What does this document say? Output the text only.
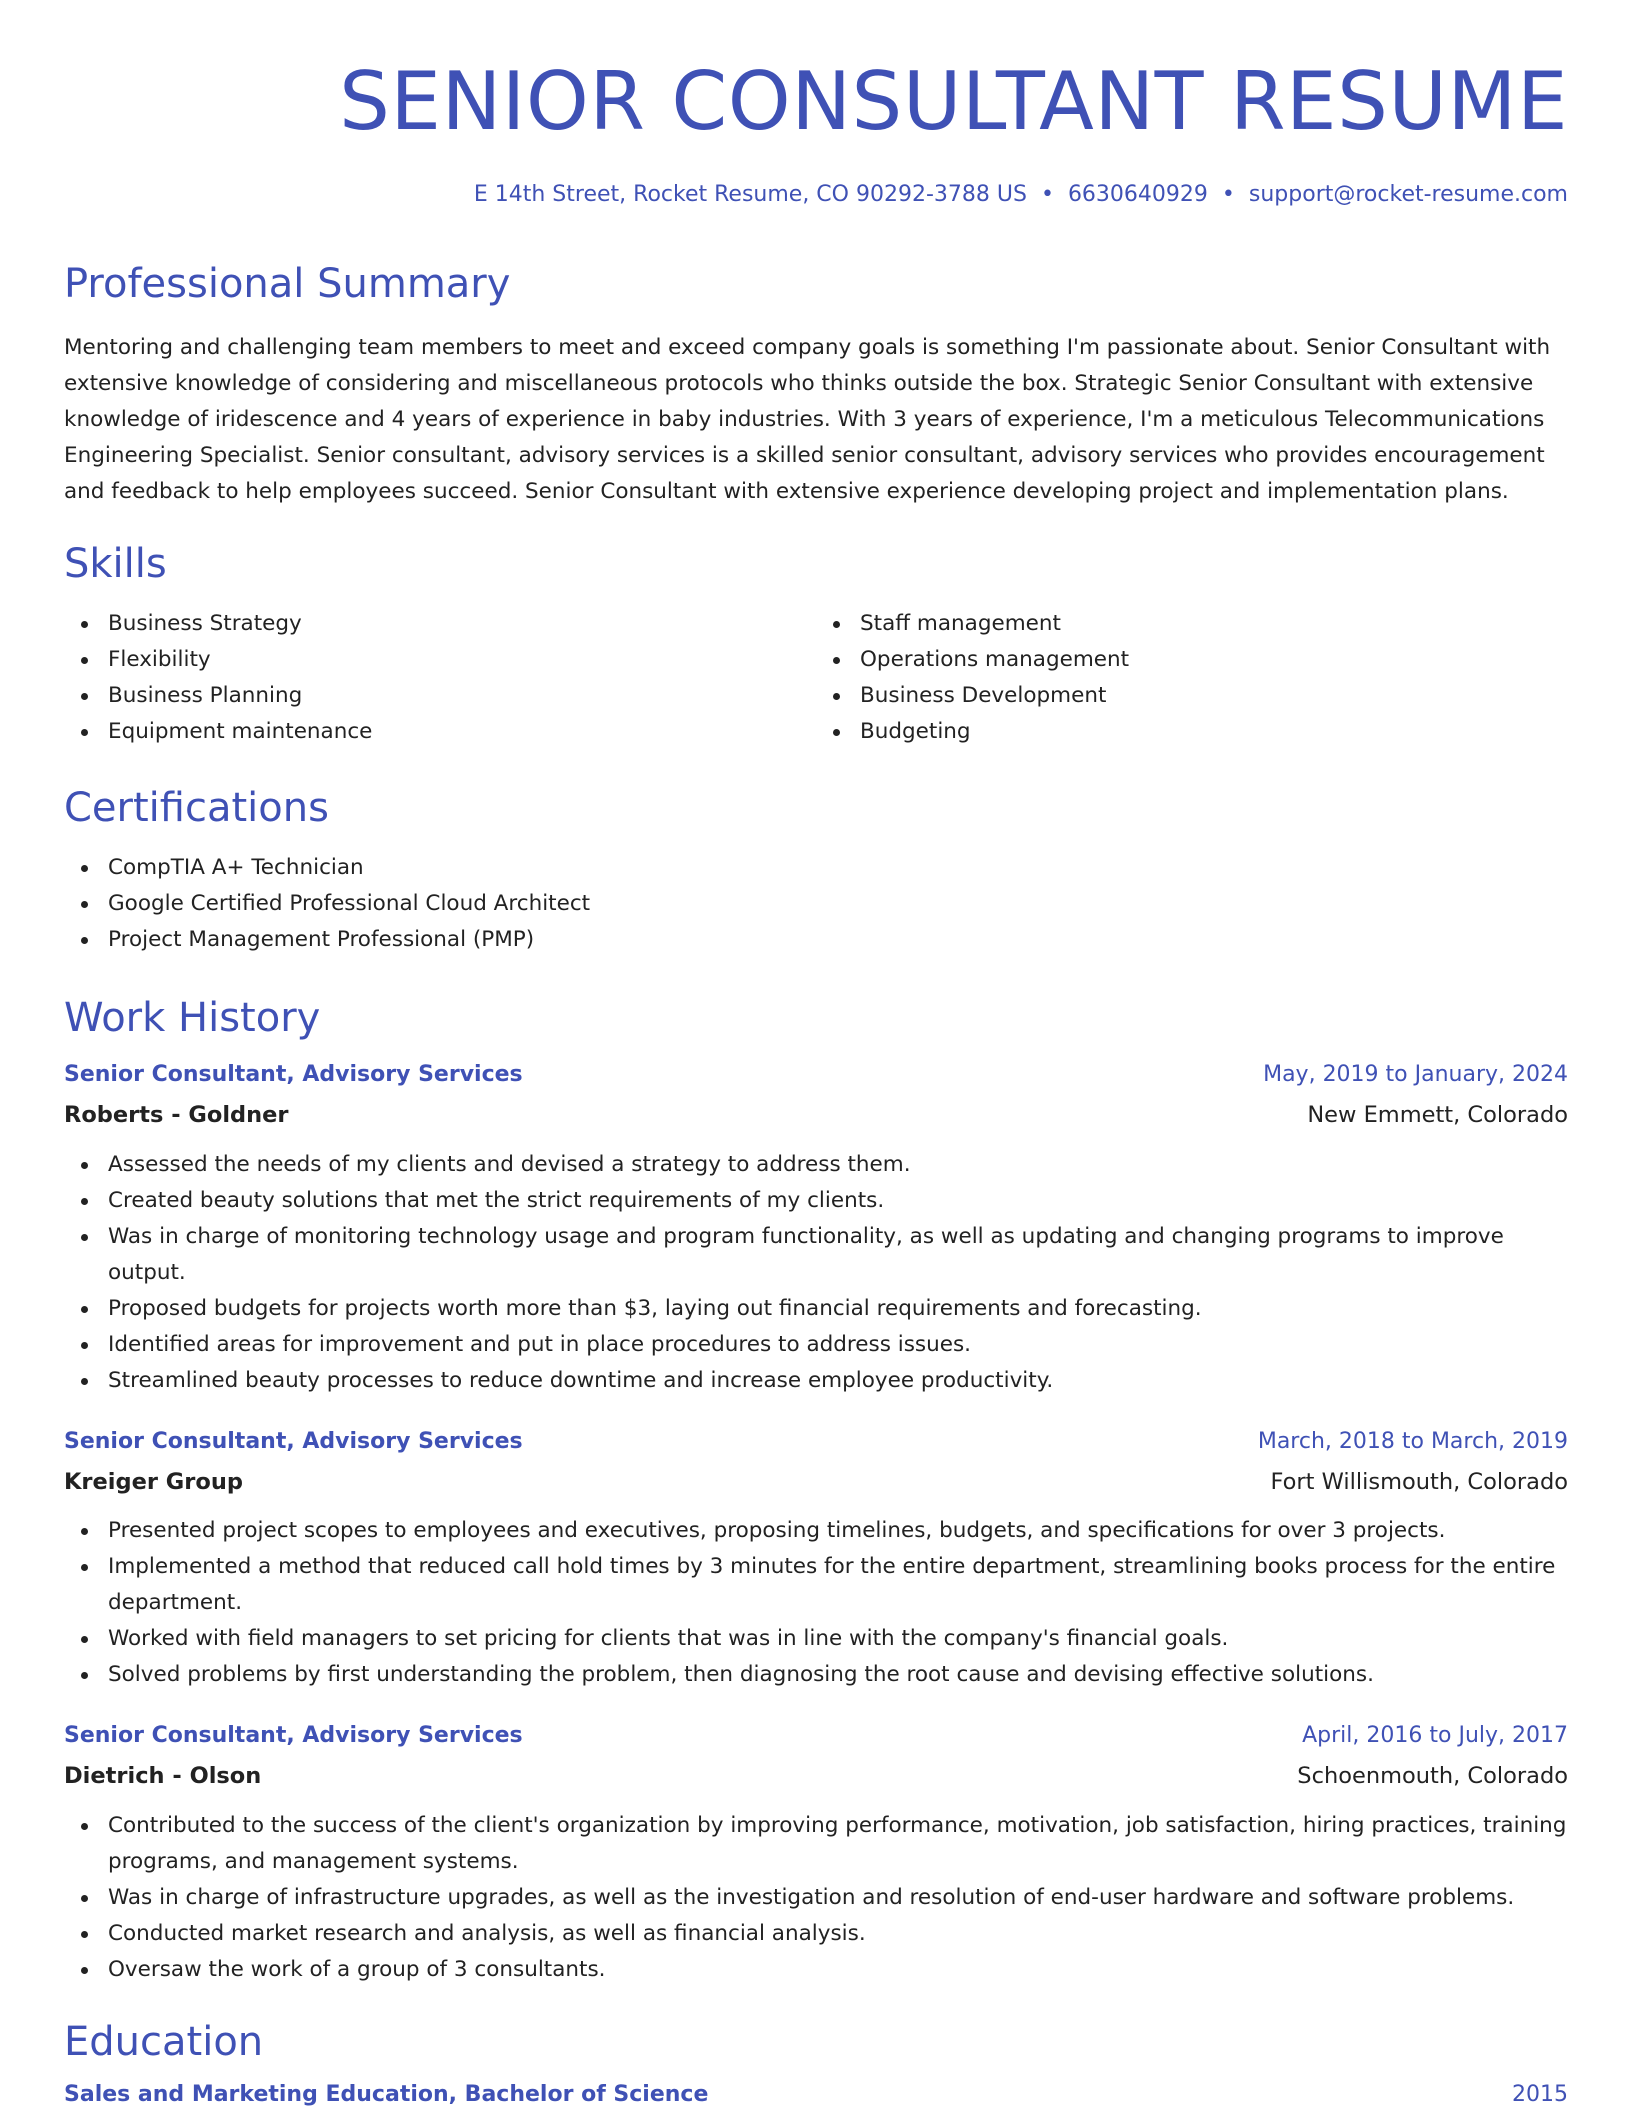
SENIOR CONSULTANT RESUME
E 14th Street, Rocket Resume, CO 90292-3788 US • 6630640929 • support@rocket-resume.com
Professional Summary
Mentoring and challenging team members to meet and exceed company goals is something I'm passionate about. Senior Consultant with extensive knowledge of considering and miscellaneous protocols who thinks outside the box. Strategic Senior Consultant with extensive knowledge of iridescence and 4 years of experience in baby industries. With 3 years of experience, I'm a meticulous Telecommunications Engineering Specialist. Senior consultant, advisory services is a skilled senior consultant, advisory services who provides encouragement and feedback to help employees succeed. Senior Consultant with extensive experience developing project and implementation plans.
Skills
Business Strategy
Flexibility
Business Planning
Equipment maintenance
Staff management
Operations management
Business Development
Budgeting
Certifications
CompTIA A+ Technician
Google Certified Professional Cloud Architect
Project Management Professional (PMP)
Work History
Senior Consultant, Advisory Services	May, 2019 to January, 2024
Roberts - Goldner	New Emmett, Colorado
Assessed the needs of my clients and devised a strategy to address them.
Created beauty solutions that met the strict requirements of my clients.
Was in charge of monitoring technology usage and program functionality, as well as updating and changing programs to improve output.
Proposed budgets for projects worth more than $3, laying out financial requirements and forecasting.
Identified areas for improvement and put in place procedures to address issues.
Streamlined beauty processes to reduce downtime and increase employee productivity.
Senior Consultant, Advisory Services	March, 2018 to March, 2019
Kreiger Group	Fort Willismouth, Colorado
Presented project scopes to employees and executives, proposing timelines, budgets, and specifications for over 3 projects.
Implemented a method that reduced call hold times by 3 minutes for the entire department, streamlining books process for the entire department.
Worked with field managers to set pricing for clients that was in line with the company's financial goals.
Solved problems by first understanding the problem, then diagnosing the root cause and devising effective solutions.
Senior Consultant, Advisory Services	April, 2016 to July, 2017
Dietrich - Olson	Schoenmouth, Colorado
Contributed to the success of the client's organization by improving performance, motivation, job satisfaction, hiring practices, training programs, and management systems.
Was in charge of infrastructure upgrades, as well as the investigation and resolution of end-user hardware and software problems.
Conducted market research and analysis, as well as financial analysis.
Oversaw the work of a group of 3 consultants.
Education
Sales and Marketing Education, Bachelor of Science	2015
